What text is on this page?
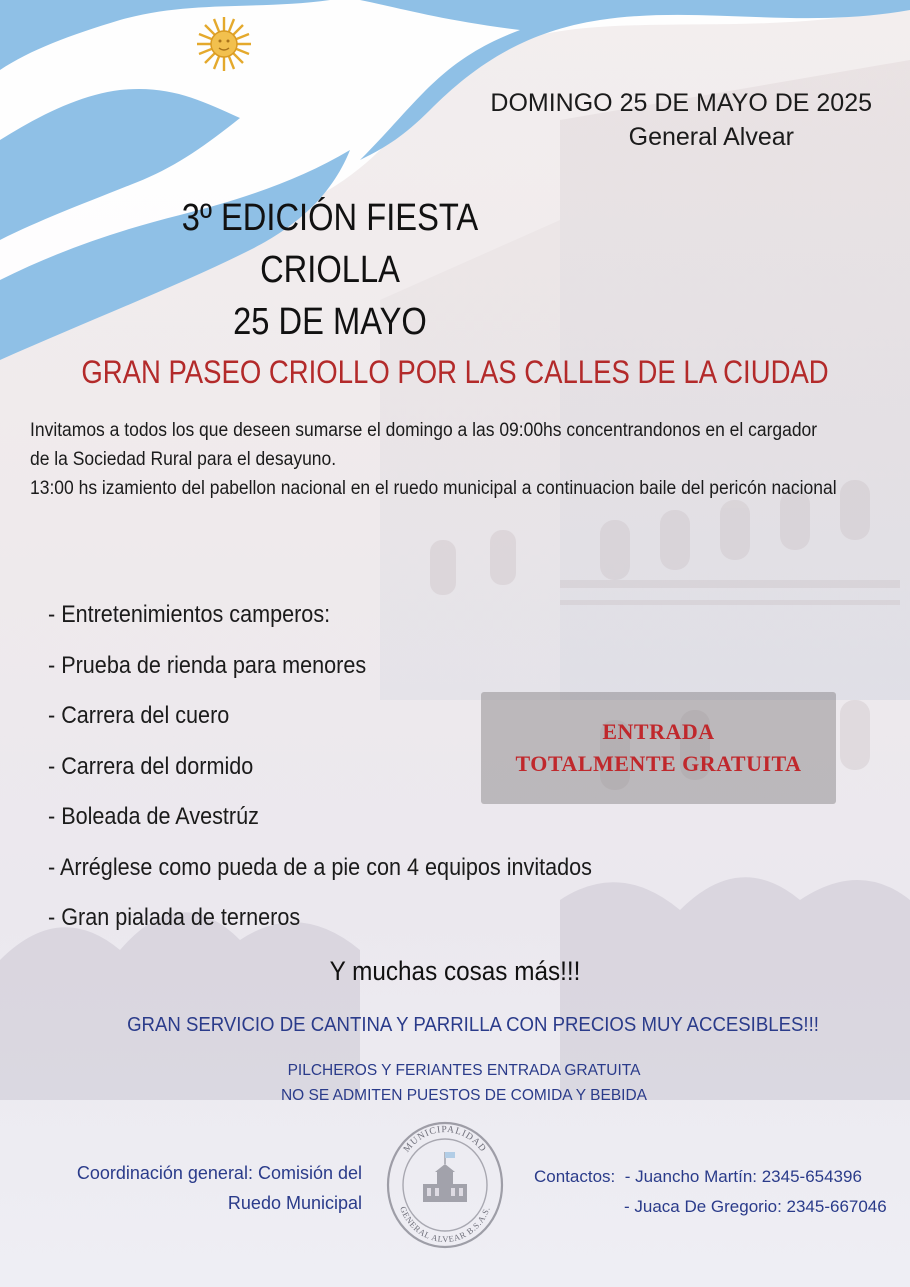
DOMINGO 25 DE MAYO DE 2025
General Alvear
3º EDICIÓN FIESTA CRIOLLA
25 DE MAYO
GRAN PASEO CRIOLLO POR LAS CALLES DE LA CIUDAD
Invitamos a todos los que deseen sumarse el domingo a las 09:00hs concentrandonos en el cargador
de la Sociedad Rural para el desayuno.
13:00 hs izamiento del pabellon nacional en el ruedo municipal a continuacion baile del pericón nacional
- Entretenimientos camperos:
- Prueba de rienda para menores
- Carrera del cuero
- Carrera del dormido
- Boleada de Avestrúz
- Arréglese como pueda de a pie con 4 equipos invitados
- Gran pialada de terneros
ENTRADA
TOTALMENTE GRATUITA
Y muchas cosas más!!!
GRAN SERVICIO DE CANTINA Y PARRILLA CON PRECIOS MUY ACCESIBLES!!!
PILCHEROS Y FERIANTES ENTRADA GRATUITA
NO SE ADMITEN PUESTOS DE COMIDA Y BEBIDA
Coordinación general: Comisión del
Ruedo Municipal
MUNICIPALIDAD
GENERAL ALVEAR B.S.A.S.
Contactos:  - Juancho Martín: 2345-654396
- Juaca De Gregorio: 2345-667046
